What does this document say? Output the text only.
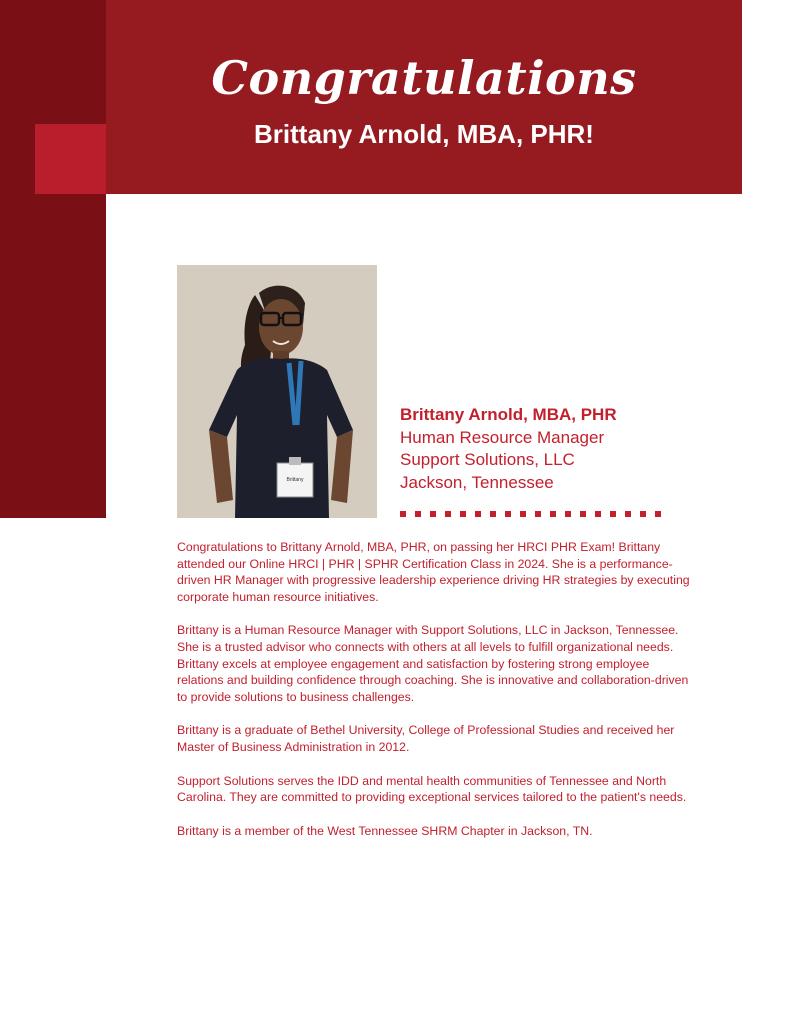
Congratulations
Brittany Arnold, MBA, PHR!
Brittany
Brittany Arnold, MBA, PHR
Human Resource Manager
Support Solutions, LLC
Jackson, Tennessee

Congratulations to Brittany Arnold, MBA, PHR, on passing her HRCI PHR Exam! Brittany attended our Online HRCI | PHR | SPHR Certification Class in 2024. She is a performance-driven HR Manager with progressive leadership experience driving HR strategies by executing corporate human resource initiatives.

Brittany is a Human Resource Manager with Support Solutions, LLC in Jackson, Tennessee. She is a trusted advisor who connects with others at all levels to fulfill organizational needs. Brittany excels at employee engagement and satisfaction by fostering strong employee relations and building confidence through coaching. She is innovative and collaboration-driven to provide solutions to business challenges.

Brittany is a graduate of Bethel University, College of Professional Studies and received her Master of Business Administration in 2012.

Support Solutions serves the IDD and mental health communities of Tennessee and North Carolina. They are committed to providing exceptional services tailored to the patient's needs.

Brittany is a member of the West Tennessee SHRM Chapter in Jackson, TN.
